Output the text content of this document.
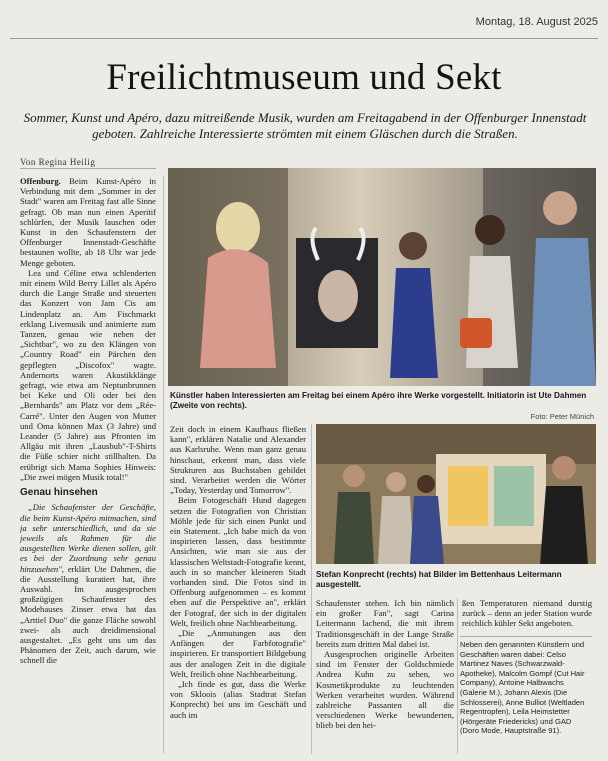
Montag, 18. August 2025
Freilichtmuseum und Sekt

Sommer, Kunst und Apéro, dazu mitreißende Musik, wurden am Freitagabend in der Offenburger Innenstadt geboten. Zahlreiche Interessierte strömten mit einem Gläschen durch die Straßen.

Von Regina Heilig

Offenburg. Beim Kunst-Apéro in Verbindung mit dem „Sommer in der Stadt" waren am Freitag fast alle Sinne gefragt. Ob man nun einen Aperitif schlürfen, der Musik lauschen oder Kunst in den Schaufenstern der Offenburger Innenstadt-Geschäfte bestaunen wollte, ab 18 Uhr war jede Menge geboten.

Lea und Céline etwa schlenderten mit einem Wild Berry Lillet als Apéro durch die Lange Straße und steuerten das Konzert von Jam Cis am Lindenplatz an. Am Fischmarkt erklang Livemusik und animierte zum Tanzen, genau wie neben der „Sichtbar", wo zu den Klängen von „Country Road" ein Pärchen den gepflegten „Discofox" wagte. Andernorts waren Akustikklänge gefragt, wie etwa am Neptunbrunnen bei Keke und Oli oder bei den „Bernhards" am Platz vor dem „Rée-Carré". Unter den Augen von Mutter und Oma können Max (3 Jahre) und Leander (5 Jahre) aus Pfronten im Allgäu mit ihren „Lausbub"-T-Shirts die Füße schier nicht stillhalten. Da erübrigt sich Mama Sophies Hinweis: „Die zwei mögen Musik total!"

Genau hinsehen

„Die Schaufenster der Geschäfte, die beim Kunst-Apéro mitmachen, sind ja sehr unterschiedlich, und da sie jeweils als Rahmen für die ausgestellten Werke dienen sollen, gilt es bei der Zuordnung sehr genau hinzusehen", erklärt Ute Dahmen, die die Ausstellung kuratiert hat, ihre Auswahl. Im ausgesprochen großzügigen Schaufenster des Modehauses Zinser etwa hat das „Arttiel Duo" die ganze Fläche sowohl zwei- als auch dreidimensional ausgestaltet. „Es geht uns um das Phänomen der Zeit, auch darum, wie schnell die

Künstler haben Interessierten am Freitag bei einem Apéro ihre Werke vorgestellt. Initiatorin ist Ute Dahmen (Zweite von rechts).

Foto: Peter Münich

Zeit doch in einem Kaufhaus fließen kann", erklären Natalie und Alexander aus Karlsruhe. Wenn man ganz genau hinschaut, erkennt man, dass viele Strukturen aus Buchstaben gebildet sind. Verarbeitet werden die Wörter „Today, Yesterday und Tomorrow".

Beim Fotogeschäft Hund dagegen setzen die Fotografien von Christian Möhle jede für sich einen Punkt und ein Statement. „Ich habe mich da von inspirieren lassen, dass bestimmte Ansichten, wie man sie aus der klassischen Weltstadt-Fotografie kennt, auch in so mancher kleineren Stadt vorhanden sind. Die Fotos sind in Offenburg aufgenommen – es kommt eben auf die Perspektive an", erklärt der Fotograf, der sich in der digitalen Welt, freilich ohne Nachbearbeitung.

„Die „Anmutungen aus den Anfängen der Farbfotografie" inspirieren. Er transportiert Bildgebung aus der analogen Zeit in die digitale Welt, freilich ohne Nachbearbeitung.

„Ich finde es gut, dass die Werke von Skloois (alias Stadtrat Stefan Konprecht) bei uns im Geschäft und auch im

Stefan Konprecht (rechts) hat Bilder im Bettenhaus Leitermann ausgestellt.

Schaufenster stehen. Ich bin nämlich ein großer Fan", sagt Carina Leitermann lachend, die mit ihrem Traditionsgeschäft in der Lange Straße bereits zum dritten Mal dabei ist.

Ausgesprochen originelle Arbeiten sind im Fenster der Goldschmiede Andrea Kuhn zu sehen, wo Kosmetikprodukte zu leuchtenden Werken verarbeitet wurden. Während zahlreiche Passanten all die verschiedenen Werke bewunderten, blieb bei den hei-

ßen Temperaturen niemand durstig zurück – denn an jeder Station wurde reichlich kühler Sekt angeboten.

Neben den genannten Künstlern und Geschäften waren dabei: Celso Martinez Naves (Schwarzwald-Apotheke), Malcolm Gompf (Cut Hair Company), Antoine Halbwachs (Galerie M.), Johann Alexis (Die Schlosserei), Anne Bulliot (Weltladen Regentropfen), Leila Heimstetter (Hörgeräte Friedericks) und GAD (Doro Mode, Hauptstraße 91).
